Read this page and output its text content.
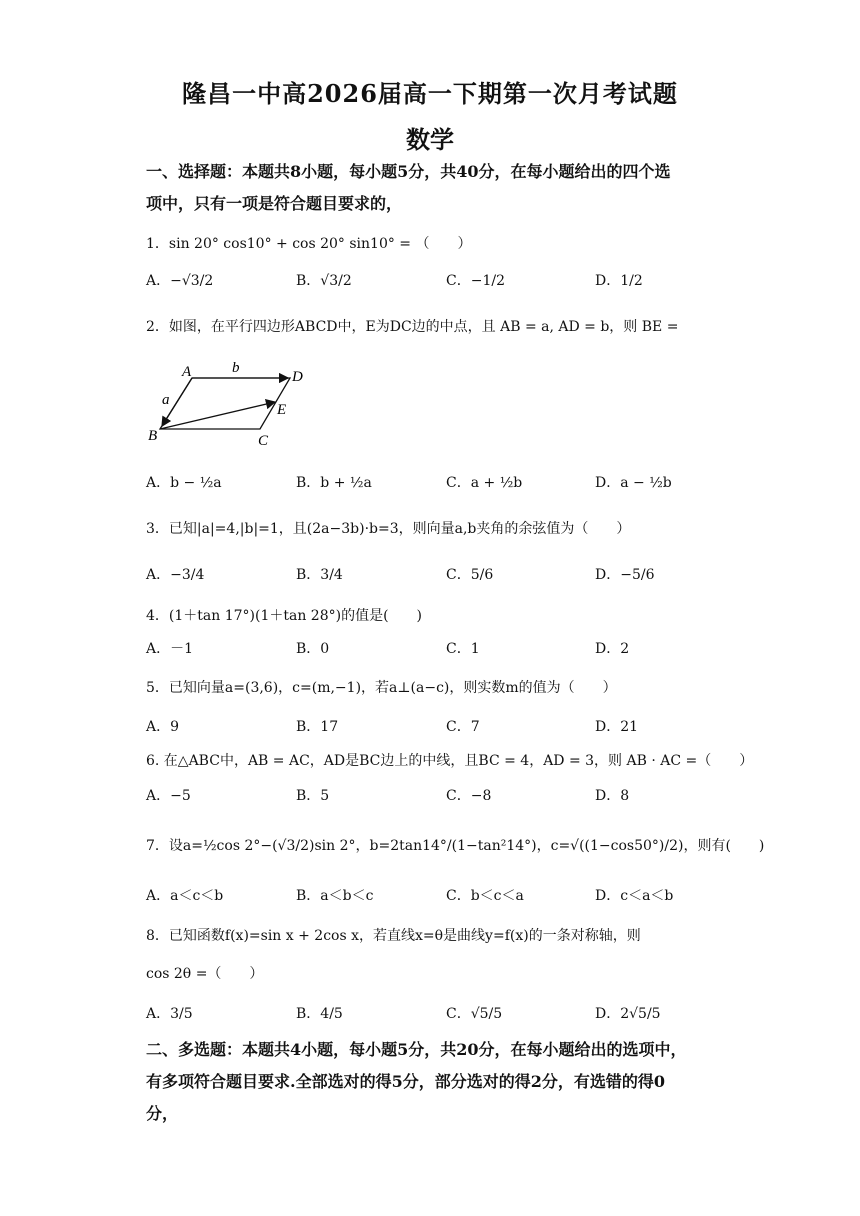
隆昌一中高2026届高一下期第一次月考试题
数学
一、选择题：本题共8小题，每小题5分，共40分，在每小题给出的四个选
项中，只有一项是符合题目要求的，
1．sin 20° cos10° + cos 20° sin10° = （　　）
A．−√3/2	B．√3/2	C．−1/2	D．1/2
2．如图，在平行四边形ABCD中，E为DC边的中点，且 AB = a, AD = b，则 BE =
A	D
E
C
B
a
b
A．b − ½a	B．b + ½a	C．a + ½b	D．a − ½b
3．已知|a|=4,|b|=1，且(2a−3b)·b=3，则向量a,b夹角的余弦值为（　　）
A．−3/4	B．3/4	C．5/6	D．−5/6
4．(1＋tan 17°)(1＋tan 28°)的值是(　　)
A．－1	B．0	C．1	D．2
5．已知向量a=(3,6)，c=(m,−1)，若a⊥(a−c)，则实数m的值为（　　）
A．9	B．17	C．7	D．21
6. 在△ABC中，AB = AC，AD是BC边上的中线，且BC = 4，AD = 3，则 AB · AC =（　　）
A．−5	B．5	C．−8	D．8
7．设a=½cos 2°−(√3/2)sin 2°，b=2tan14°/(1−tan²14°)，c=√((1−cos50°)/2)，则有(　　)
A．a＜c＜b	B．a＜b＜c	C．b＜c＜a	D．c＜a＜b
8．已知函数f(x)=sin x + 2cos x，若直线x=θ是曲线y=f(x)的一条对称轴，则
cos 2θ =（　　）
A．3/5	B．4/5	C．√5/5	D．2√5/5
二、多选题：本题共4小题，每小题5分，共20分，在每小题给出的选项中，
有多项符合题目要求.全部选对的得5分，部分选对的得2分，有选错的得0
分，
